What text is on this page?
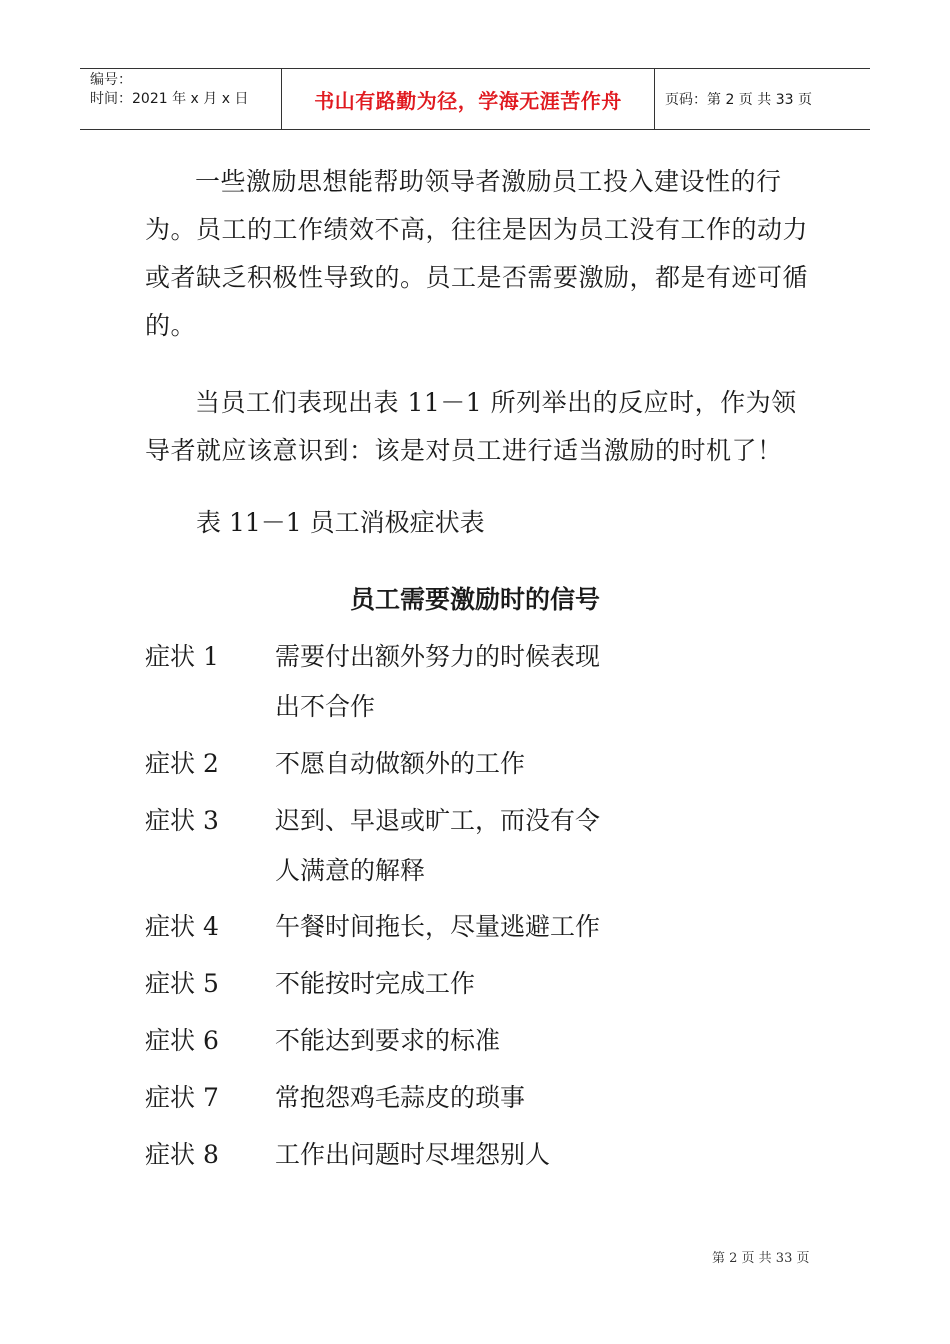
编号：
时间：2021 年 x 月 x 日	书山有路勤为径，学海无涯苦作舟	页码：第 2 页 共 33 页
一些激励思想能帮助领导者激励员工投入建设性的行为。员工的工作绩效不高，往往是因为员工没有工作的动力或者缺乏积极性导致的。员工是否需要激励，都是有迹可循的。
当员工们表现出表 11－1 所列举出的反应时，作为领导者就应该意识到：该是对员工进行适当激励的时机了！
表 11－1 员工消极症状表
员工需要激励时的信号
症状 1 需要付出额外努力的时候表现出不合作
症状 2 不愿自动做额外的工作
症状 3 迟到、早退或旷工，而没有令人满意的解释
症状 4 午餐时间拖长，尽量逃避工作
症状 5 不能按时完成工作
症状 6 不能达到要求的标准
症状 7 常抱怨鸡毛蒜皮的琐事
症状 8 工作出问题时尽埋怨别人
第 2 页 共 33 页
